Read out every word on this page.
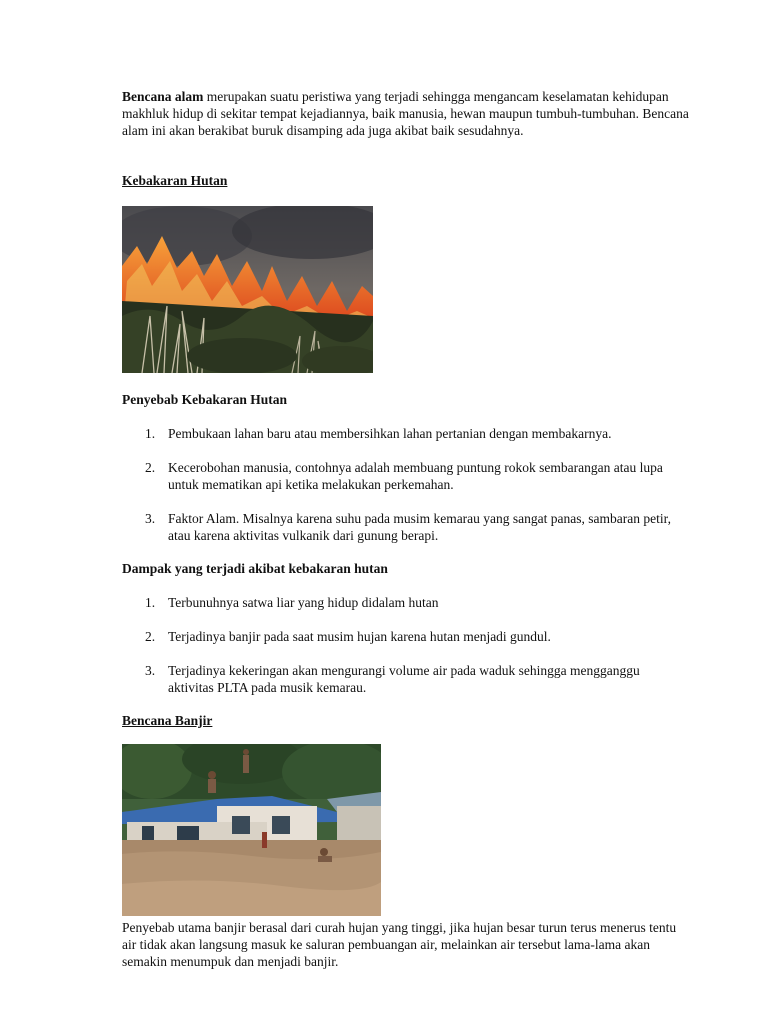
Bencana alam merupakan suatu peristiwa yang terjadi sehingga mengancam keselamatan kehidupan makhluk hidup di sekitar tempat kejadiannya, baik manusia, hewan maupun tumbuh-tumbuhan. Bencana alam ini akan berakibat buruk disamping ada juga akibat baik sesudahnya.
Kebakaran Hutan
Penyebab Kebakaran Hutan
1. Pembukaan lahan baru atau membersihkan lahan pertanian dengan membakarnya.
2. Kecerobohan manusia, contohnya adalah membuang puntung rokok sembarangan atau lupa untuk mematikan api ketika melakukan perkemahan.
3. Faktor Alam. Misalnya karena suhu pada musim kemarau yang sangat panas, sambaran petir, atau karena aktivitas vulkanik dari gunung berapi.
Dampak yang terjadi akibat kebakaran hutan
1. Terbunuhnya satwa liar yang hidup didalam hutan
2. Terjadinya banjir pada saat musim hujan karena hutan menjadi gundul.
3. Terjadinya kekeringan akan mengurangi volume air pada waduk sehingga mengganggu aktivitas PLTA pada musik kemarau.
Bencana Banjir
Penyebab utama banjir berasal dari curah hujan yang tinggi, jika hujan besar turun terus menerus tentu air tidak akan langsung masuk ke saluran pembuangan air, melainkan air tersebut lama-lama akan semakin menumpuk dan menjadi banjir.
